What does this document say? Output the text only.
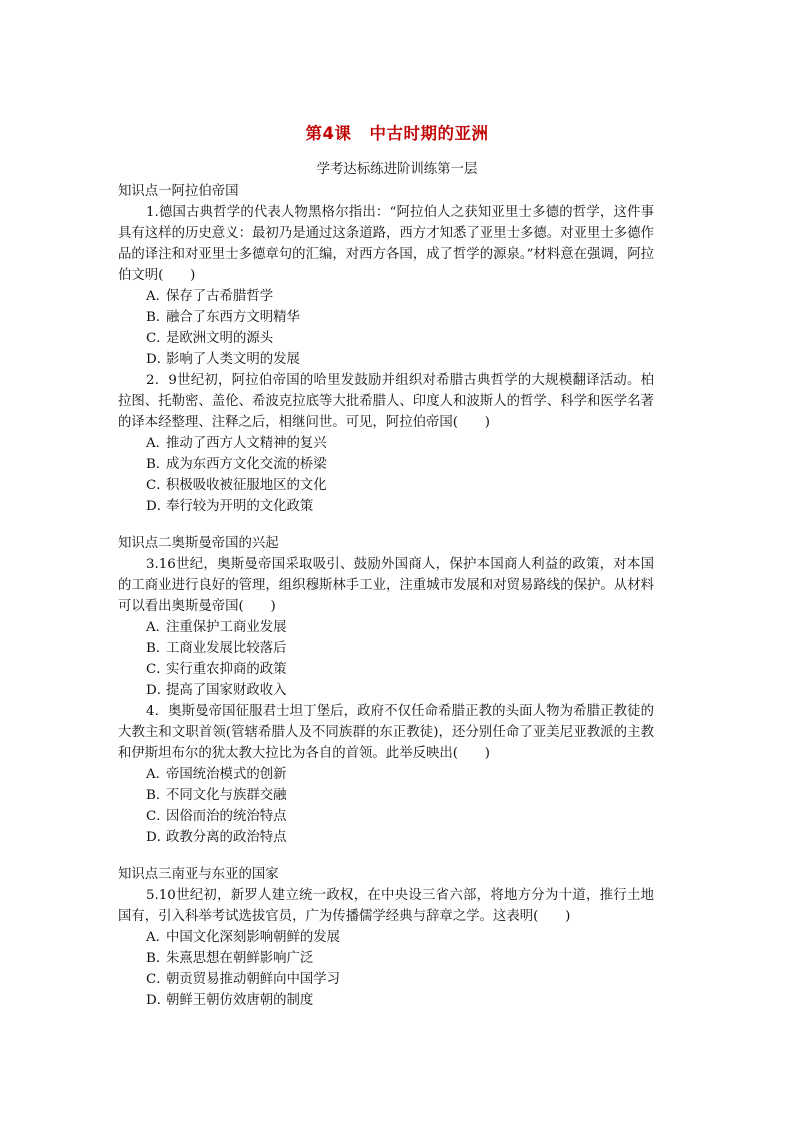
第4课 中古时期的亚洲
学考达标练进阶训练第一层
知识点一阿拉伯帝国

1.德国古典哲学的代表人物黑格尔指出：“阿拉伯人之获知亚里士多德的哲学，这件事具有这样的历史意义：最初乃是通过这条道路，西方才知悉了亚里士多德。对亚里士多德作品的译注和对亚里士多德章句的汇编，对西方各国，成了哲学的源泉。”材料意在强调，阿拉伯文明(　　)

A．保存了古希腊哲学
B．融合了东西方文明精华
C．是欧洲文明的源头
D．影响了人类文明的发展

2．9世纪初，阿拉伯帝国的哈里发鼓励并组织对希腊古典哲学的大规模翻译活动。柏拉图、托勒密、盖伦、希波克拉底等大批希腊人、印度人和波斯人的哲学、科学和医学名著的译本经整理、注释之后，相继问世。可见，阿拉伯帝国(　　)

A．推动了西方人文精神的复兴
B．成为东西方文化交流的桥梁
C．积极吸收被征服地区的文化
D．奉行较为开明的文化政策
知识点二奥斯曼帝国的兴起

3.16世纪，奥斯曼帝国采取吸引、鼓励外国商人，保护本国商人利益的政策，对本国的工商业进行良好的管理，组织穆斯林手工业，注重城市发展和对贸易路线的保护。从材料可以看出奥斯曼帝国(　　)

A．注重保护工商业发展
B．工商业发展比较落后
C．实行重农抑商的政策
D．提高了国家财政收入

4．奥斯曼帝国征服君士坦丁堡后，政府不仅任命希腊正教的头面人物为希腊正教徒的大教主和文职首领(管辖希腊人及不同族群的东正教徒)，还分别任命了亚美尼亚教派的主教和伊斯坦布尔的犹太教大拉比为各自的首领。此举反映出(　　)

A．帝国统治模式的创新
B．不同文化与族群交融
C．因俗而治的统治特点
D．政教分离的政治特点
知识点三南亚与东亚的国家

5.10世纪初，新罗人建立统一政权，在中央设三省六部，将地方分为十道，推行土地国有，引入科举考试选拔官员，广为传播儒学经典与辞章之学。这表明(　　)

A．中国文化深刻影响朝鲜的发展
B．朱熹思想在朝鲜影响广泛
C．朝贡贸易推动朝鲜向中国学习
D．朝鲜王朝仿效唐朝的制度
